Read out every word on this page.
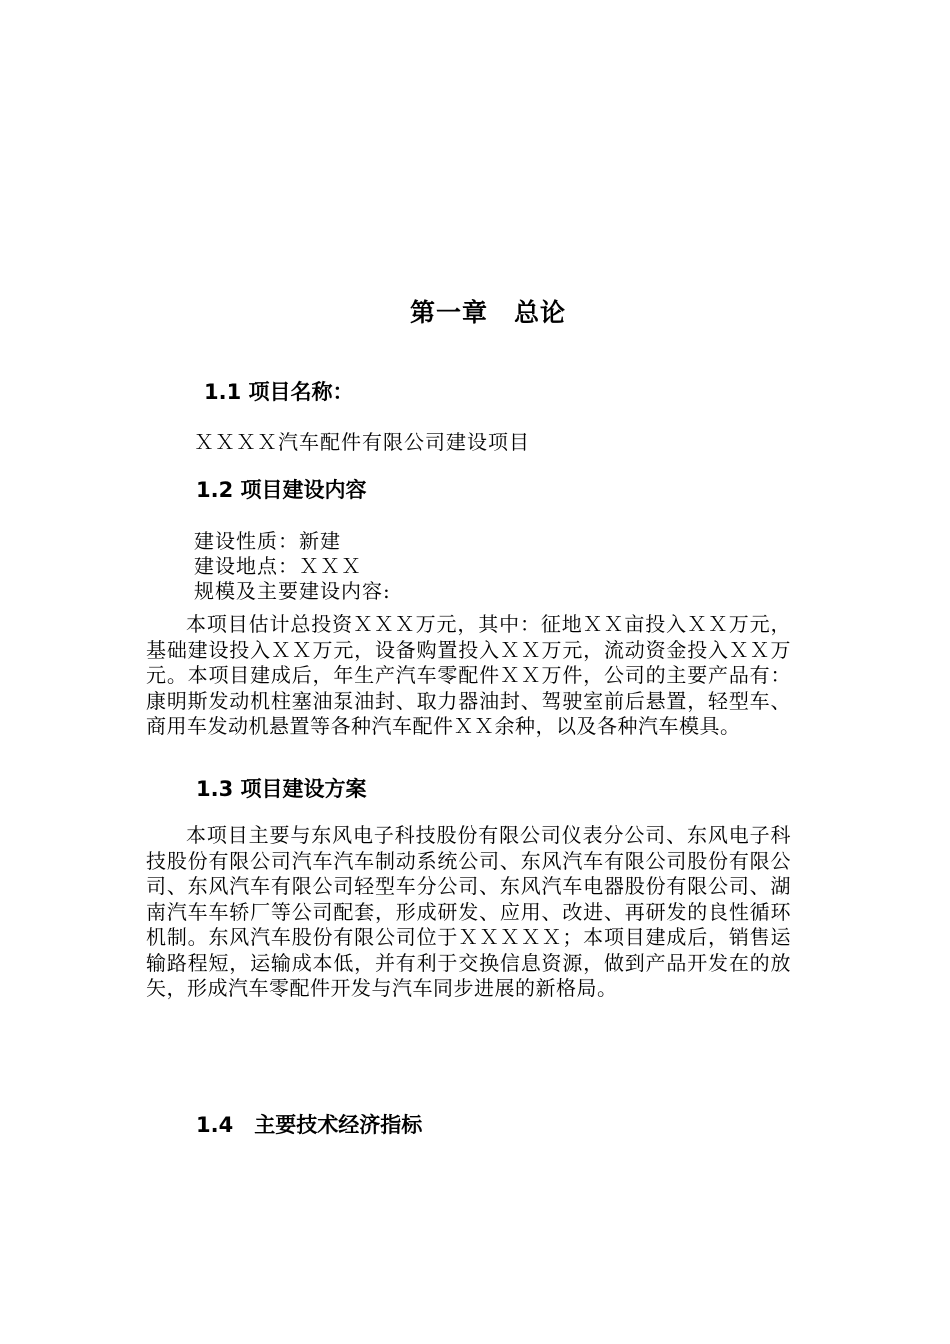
第一章　总论
1.1 项目名称：

ＸＸＸＸ汽车配件有限公司建设项目

1.2 项目建设内容

建设性质：新建

建设地点：ＸＸＸ

规模及主要建设内容:

本项目估计总投资ＸＸＸ万元，其中：征地ＸＸ亩投入ＸＸ万元，基础建设投入ＸＸ万元，设备购置投入ＸＸ万元，流动资金投入ＸＸ万元。本项目建成后，年生产汽车零配件ＸＸ万件，公司的主要产品有：康明斯发动机柱塞油泵油封、取力器油封、驾驶室前后悬置，轻型车、商用车发动机悬置等各种汽车配件ＸＸ余种，以及各种汽车模具。

1.3 项目建设方案

本项目主要与东风电子科技股份有限公司仪表分公司、东风电子科技股份有限公司汽车汽车制动系统公司、东风汽车有限公司股份有限公司、东风汽车有限公司轻型车分公司、东风汽车电器股份有限公司、湖南汽车车轿厂等公司配套，形成研发、应用、改进、再研发的良性循环机制。东风汽车股份有限公司位于ＸＸＸＸＸ；本项目建成后，销售运输路程短，运输成本低，并有利于交换信息资源，做到产品开发在的放矢，形成汽车零配件开发与汽车同步进展的新格局。

1.4　主要技术经济指标
